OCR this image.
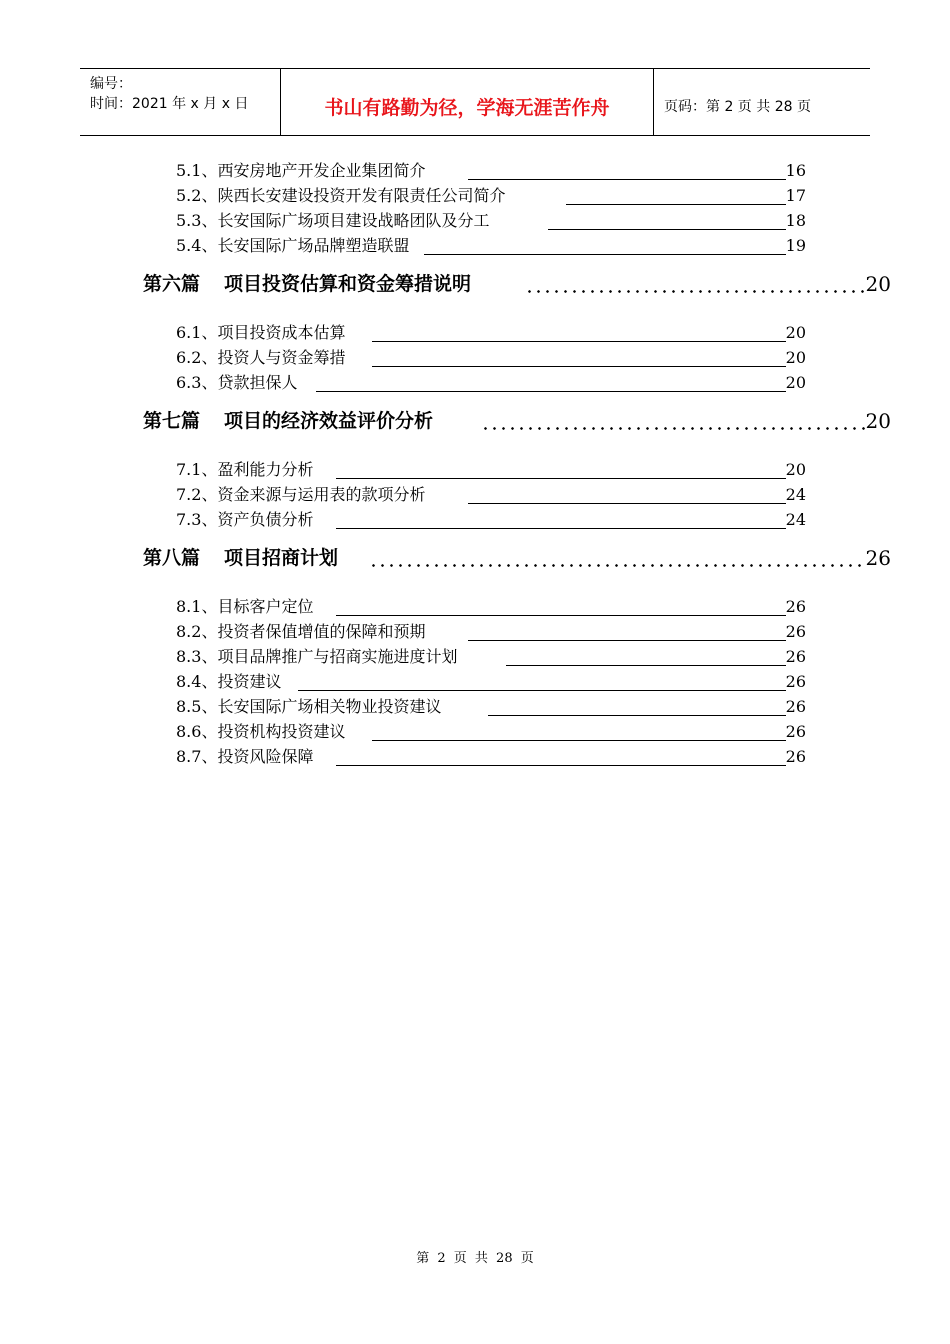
编号：
时间：2021 年 x 月 x 日	书山有路勤为径，学海无涯苦作舟	页码：第 2 页 共 28 页
5.1、西安房地产开发企业集团简介	16
5.2、陕西长安建设投资开发有限责任公司简介	17
5.3、长安国际广场项目建设战略团队及分工	18
5.4、长安国际广场品牌塑造联盟	19
第六篇 项目投资估算和资金筹措说明	20
6.1、项目投资成本估算	20
6.2、投资人与资金筹措	20
6.3、贷款担保人	20
第七篇 项目的经济效益评价分析	20
7.1、盈利能力分析	20
7.2、资金来源与运用表的款项分析	24
7.3、资产负债分析	24
第八篇 项目招商计划	26
8.1、目标客户定位	26
8.2、投资者保值增值的保障和预期	26
8.3、项目品牌推广与招商实施进度计划	26
8.4、投资建议	26
8.5、长安国际广场相关物业投资建议	26
8.6、投资机构投资建议	26
8.7、投资风险保障	26
第 2 页 共 28 页
